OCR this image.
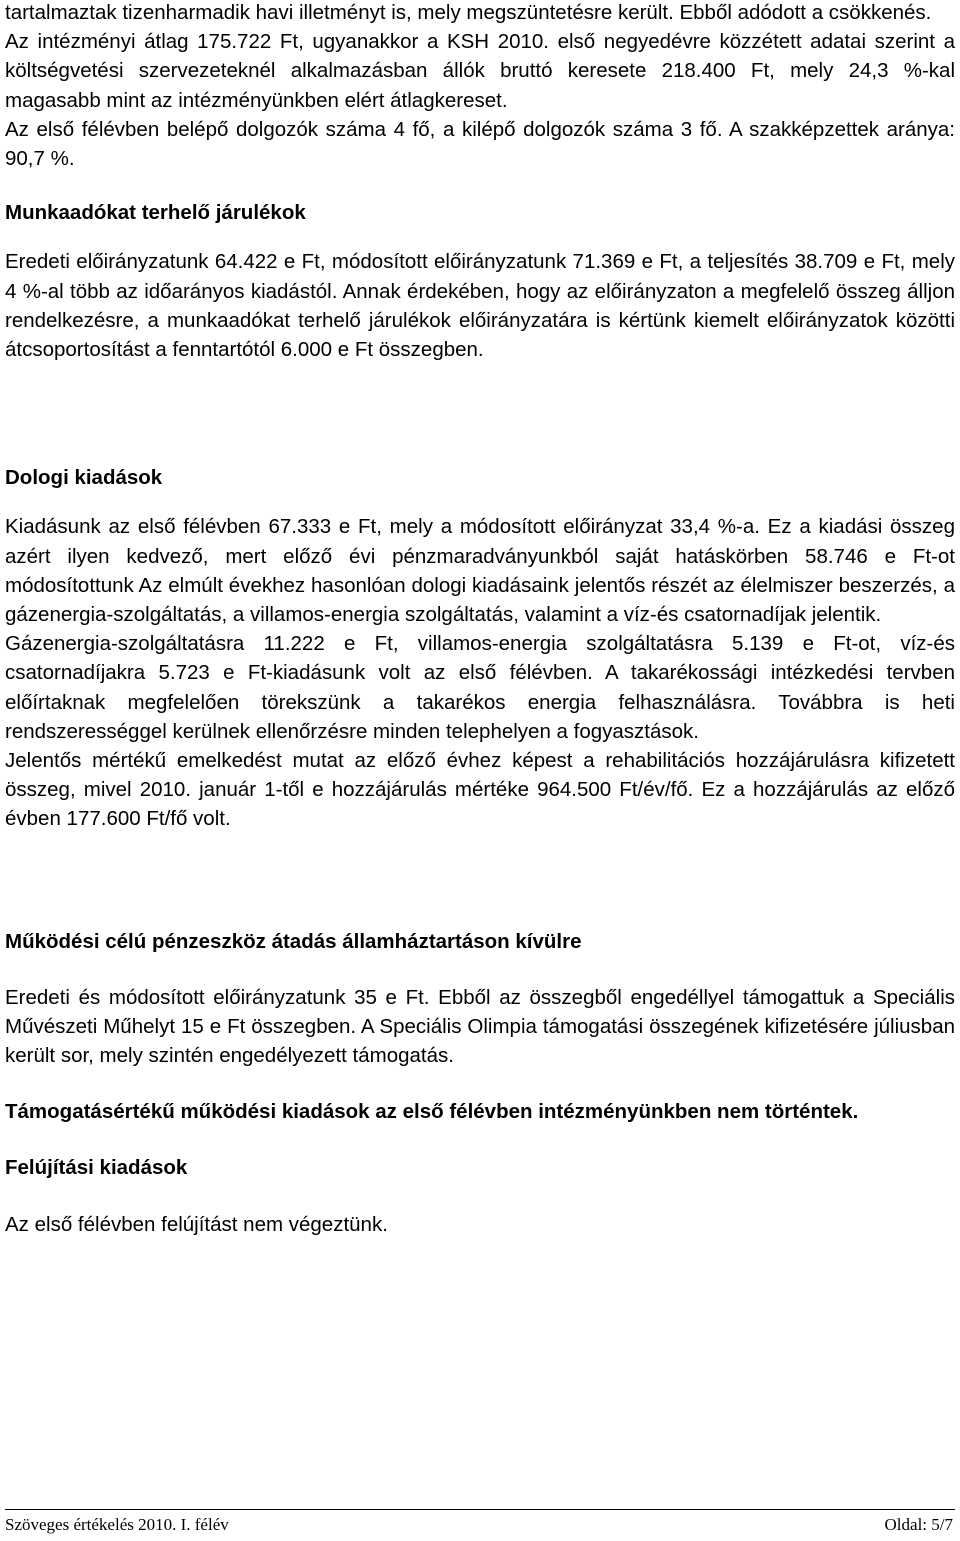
tartalmaztak tizenharmadik havi illetményt is, mely megszüntetésre került. Ebből adódott a csökkenés.

Az intézményi átlag 175.722 Ft, ugyanakkor a KSH 2010. első negyedévre közzétett adatai szerint a költségvetési szervezeteknél alkalmazásban állók bruttó keresete 218.400 Ft, mely 24,3 %-kal magasabb mint az intézményünkben elért átlagkereset.

Az első félévben belépő dolgozók száma 4 fő, a kilépő dolgozók száma 3 fő. A szakképzettek aránya: 90,7 %.

Munkaadókat terhelő járulékok

Eredeti előirányzatunk 64.422 e Ft, módosított előirányzatunk 71.369 e Ft, a teljesítés 38.709 e Ft, mely 4 %-al több az időarányos kiadástól. Annak érdekében, hogy az előirányzaton a megfelelő összeg álljon rendelkezésre, a munkaadókat terhelő járulékok előirányzatára is kértünk kiemelt előirányzatok közötti átcsoportosítást a fenntartótól 6.000 e Ft összegben.

Dologi kiadások

Kiadásunk az első félévben 67.333 e Ft, mely a módosított előirányzat 33,4 %-a. Ez a kiadási összeg azért ilyen kedvező, mert előző évi pénzmaradványunkból saját hatáskörben 58.746 e Ft-ot módosítottunk Az elmúlt évekhez hasonlóan dologi kiadásaink jelentős részét az élelmiszer beszerzés, a gázenergia-szolgáltatás, a villamos-energia szolgáltatás, valamint a víz-és csatornadíjak jelentik.

Gázenergia-szolgáltatásra 11.222 e Ft, villamos-energia szolgáltatásra 5.139 e Ft-ot, víz-és csatornadíjakra 5.723 e Ft-kiadásunk volt az első félévben. A takarékossági intézkedési tervben előírtaknak megfelelően törekszünk a takarékos energia felhasználásra. Továbbra is heti rendszerességgel kerülnek ellenőrzésre minden telephelyen a fogyasztások.

Jelentős mértékű emelkedést mutat az előző évhez képest a rehabilitációs hozzájárulásra kifizetett összeg, mivel 2010. január 1-től e hozzájárulás mértéke 964.500 Ft/év/fő. Ez a hozzájárulás az előző évben 177.600 Ft/fő volt.

Működési célú pénzeszköz átadás államháztartáson kívülre

Eredeti és módosított előirányzatunk 35 e Ft. Ebből az összegből engedéllyel támogattuk a Speciális Művészeti Műhelyt 15 e Ft összegben. A Speciális Olimpia támogatási összegének kifizetésére júliusban került sor, mely szintén engedélyezett támogatás.

Támogatásértékű működési kiadások az első félévben intézményünkben nem történtek.
Felújítási kiadások

Az első félévben felújítást nem végeztünk.

Szöveges értékelés 2010. I. félév	Oldal: 5/7
